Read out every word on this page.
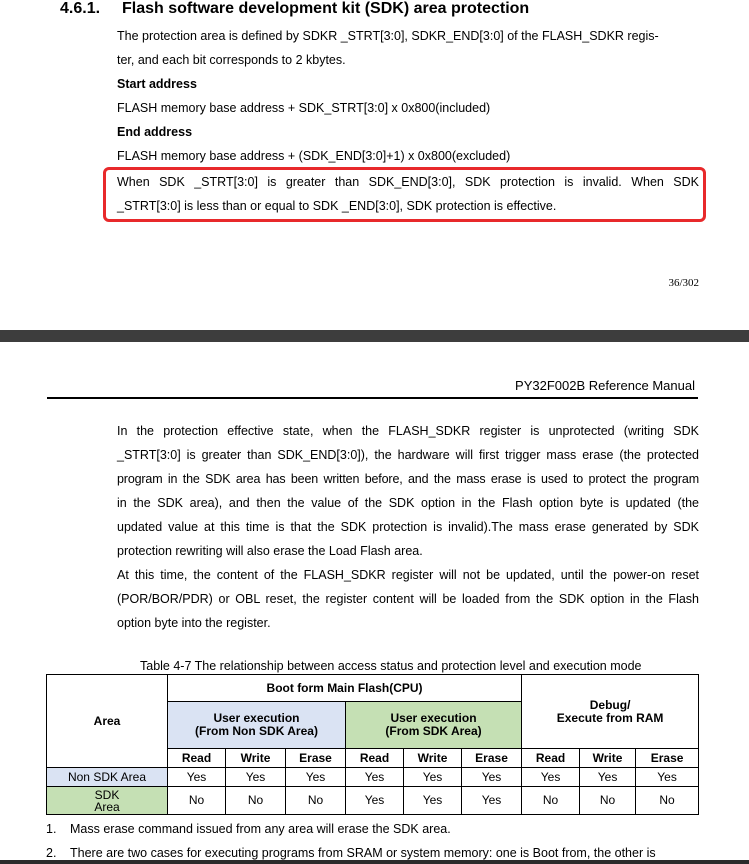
4.6.1. Flash software development kit (SDK) area protection
The protection area is defined by SDKR _STRT[3:0], SDKR_END[3:0] of the FLASH_SDKR regis-
ter, and each bit corresponds to 2 kbytes.
Start address
FLASH memory base address + SDK_STRT[3:0] x 0x800(included)
End address
FLASH memory base address + (SDK_END[3:0]+1) x 0x800(excluded)
When SDK _STRT[3:0] is greater than SDK_END[3:0], SDK protection is invalid. When SDK
_STRT[3:0] is less than or equal to SDK _END[3:0], SDK protection is effective.
36/302
PY32F002B Reference Manual
In the protection effective state, when the FLASH_SDKR register is unprotected (writing SDK
_STRT[3:0] is greater than SDK_END[3:0]), the hardware will first trigger mass erase (the protected
program in the SDK area has been written before, and the mass erase is used to protect the program
in the SDK area), and then the value of the SDK option in the Flash option byte is updated (the
updated value at this time is that the SDK protection is invalid).The mass erase generated by SDK
protection rewriting will also erase the Load Flash area.
At this time, the content of the FLASH_SDKR register will not be updated, until the power-on reset
(POR/BOR/PDR) or OBL reset, the register content will be loaded from the SDK option in the Flash
option byte into the register.
Table 4-7 The relationship between access status and protection level and execution mode
Area	Boot form Main Flash(CPU)						Debug/
Execute from RAM		
	User execution
(From Non SDK Area)			User execution
(From SDK Area)					
	Read	Write	Erase	Read	Write	Erase	Read	Write	Erase
Non SDK Area	Yes	Yes	Yes	Yes	Yes	Yes	Yes	Yes	Yes
SDK
Area	No	No	No	Yes	Yes	Yes	No	No	No
1. Mass erase command issued from any area will erase the SDK area.
2. There are two cases for executing programs from SRAM or system memory: one is Boot from, the other is
